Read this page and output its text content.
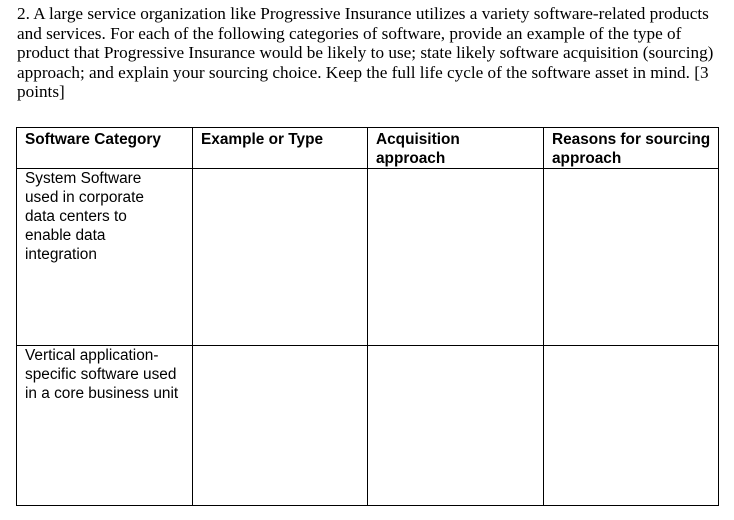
2. A large service organization like Progressive Insurance utilizes a variety software-related products and services. For each of the following categories of software, provide an example of the type of product that Progressive Insurance would be likely to use; state likely software acquisition (sourcing) approach; and explain your sourcing choice. Keep the full life cycle of the software asset in mind. [3 points]

Software Category	Example or Type	Acquisition approach
Reasons for sourcing approach
System Software used in corporate data centers to enable data integration
Vertical application-specific software used in a core business unit
